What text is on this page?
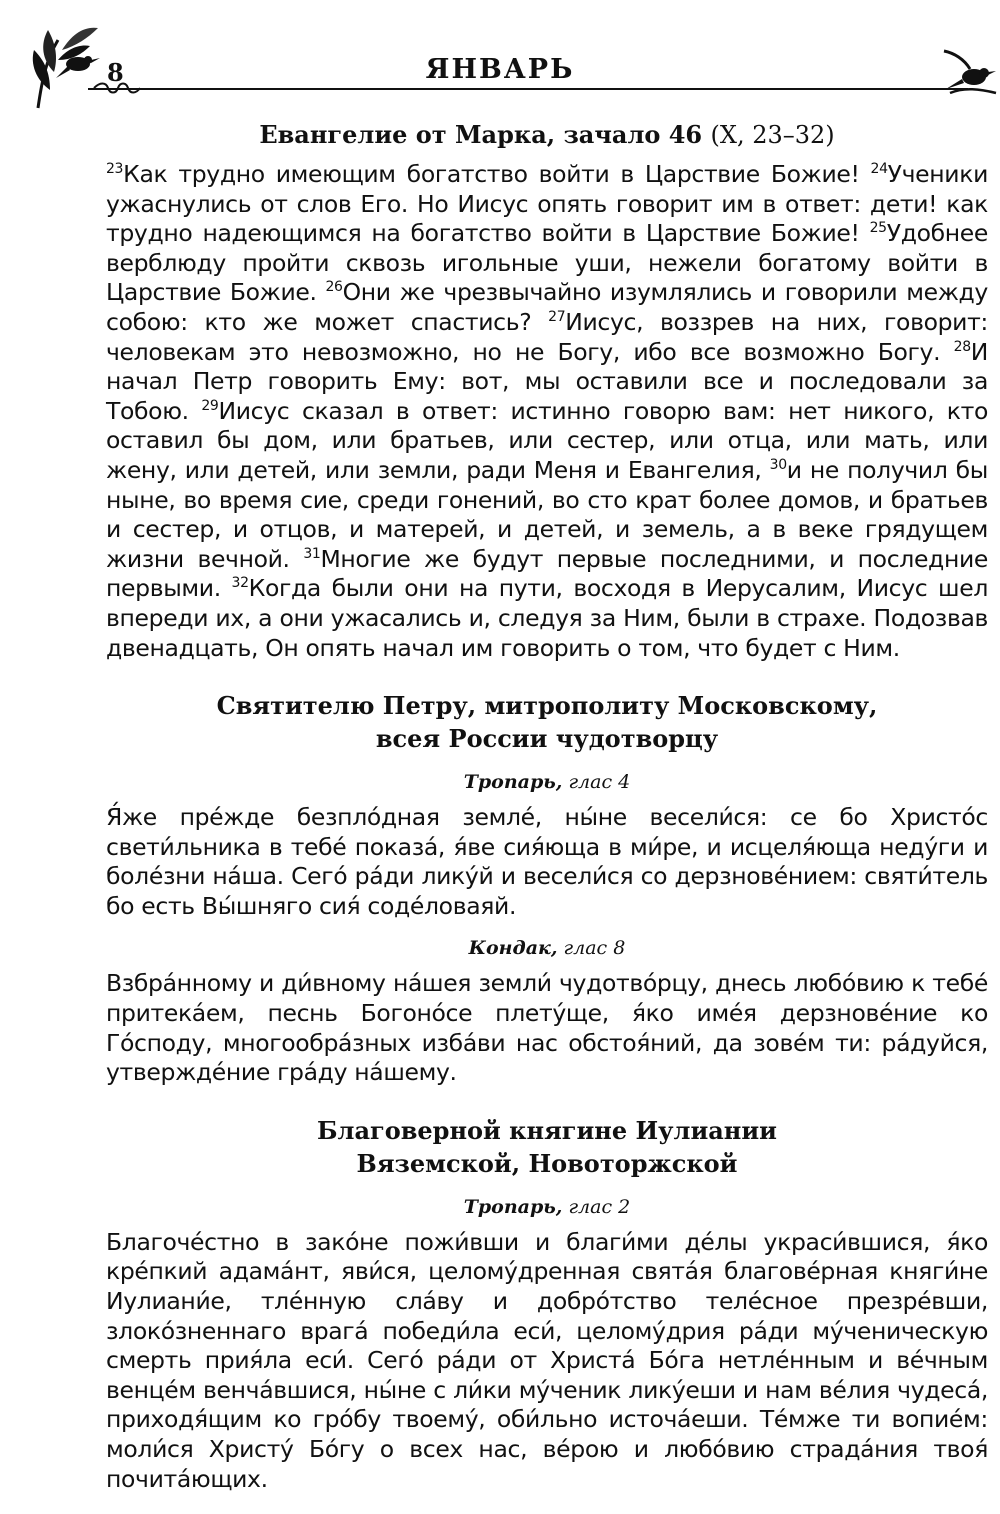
8	ЯНВАРЬ
Евангелие от Марка, зачало 46 (X, 23–32)

$^{23}$Как трудно имеющим богатство войти в Царствие Божие! $^{24}$Ученики ужаснулись от слов Его. Но Иисус опять говорит им в ответ: дети! как трудно надеющимся на богатство войти в Царствие Божие! $^{25}$Удобнее верблюду пройти сквозь игольные уши, нежели богатому войти в Царствие Божие. $^{26}$Они же чрезвычайно изумлялись и говорили между собою: кто же может спастись? $^{27}$Иисус, воззрев на них, говорит: человекам это невозможно, но не Богу, ибо все возможно Богу. $^{28}$И начал Петр говорить Ему: вот, мы оставили все и последовали за Тобою. $^{29}$Иисус сказал в ответ: истинно говорю вам: нет никого, кто оставил бы дом, или братьев, или сестер, или отца, или мать, или жену, или детей, или земли, ради Меня и Евангелия, $^{30}$и не получил бы ныне, во время сие, среди гонений, во сто крат более домов, и братьев и сестер, и отцов, и матерей, и детей, и земель, а в веке грядущем жизни вечной. $^{31}$Многие же будут первые последними, и последние первыми. $^{32}$Когда были они на пути, восходя в Иерусалим, Иисус шел впереди их, а они ужасались и, следуя за Ним, были в страхе. Подозвав двенадцать, Он опять начал им говорить о том, что будет с Ним.

Святителю Петру, митрополиту Московскому,
всея России чудотворцу

Тропарь, глас 4

Я́же пре́жде безпло́дная земле́, ны́не весели́ся: се бо Христо́с свети́льника в тебе́ показа́, я́ве сия́юща в ми́ре, и исцеля́юща неду́ги и боле́зни на́ша. Сего́ ра́ди лику́й и весели́ся со дерзнове́нием: святи́тель бо есть Вы́шняго сия́ соде́ловаяй.

Кондак, глас 8

Взбра́нному и ди́вному на́шея земли́ чудотво́рцу, днесь любо́вию к тебе́ притека́ем, песнь Богоно́се плету́ще, я́ко име́я дерзнове́ние ко Го́споду, многообра́зных изба́ви нас обстоя́ний, да зове́м ти: ра́дуйся, утвержде́ние гра́ду на́шему.

Благоверной княгине Иулиании
Вяземской, Новоторжской

Тропарь, глас 2

Благоче́стно в зако́не пожи́вши и благи́ми де́лы украси́вшися, я́ко кре́пкий адама́нт, яви́ся, целому́дренная свята́я благове́рная княги́не Иулиани́е, тле́нную сла́ву и добро́тство теле́сное презре́вши, злоко́зненнаго врага́ победи́ла еси́, целому́дрия ра́ди му́ченическую смерть прия́ла еси́. Сего́ ра́ди от Христа́ Бо́га нетле́нным и ве́чным венце́м венча́вшися, ны́не с ли́ки му́ченик лику́еши и нам ве́лия чудеса́, приходя́щим ко гро́бу твоему́, оби́льно источа́еши. Те́мже ти вопие́м: моли́ся Христу́ Бо́гу о всех нас, ве́рою и любо́вию страда́ния твоя́ почита́ющих.
